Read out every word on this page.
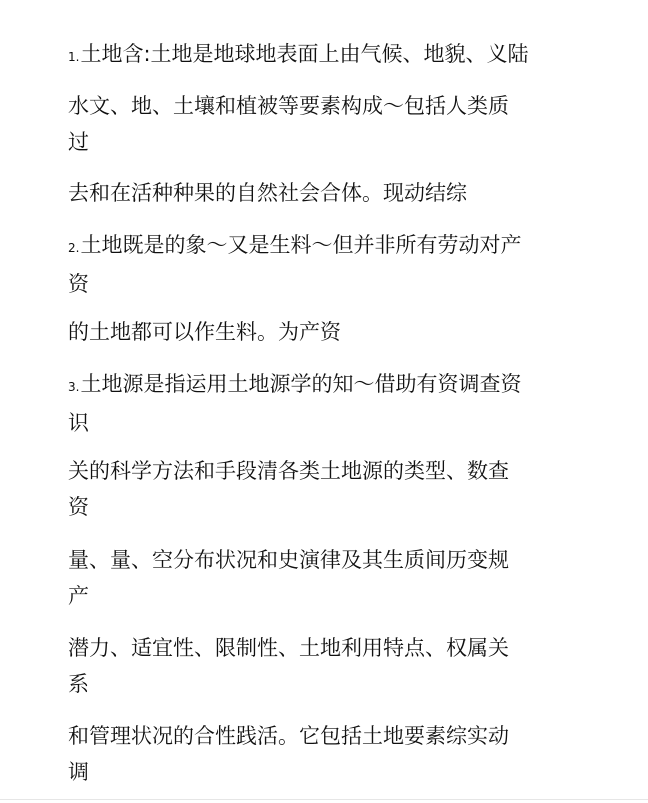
1.土地含:土地是地球地表面上由气候、地貌、义陆
水文、地、土壤和植被等要素构成～包括人类质
过
去和在活种种果的自然社会合体。现动结综
2.土地既是的象～又是生料～但并非所有劳动对产
资
的土地都可以作生料。为产资
3.土地源是指运用土地源学的知～借助有资调查资
识
关的科学方法和手段清各类土地源的类型、数查
资
量、量、空分布状况和史演律及其生质间历变规
产
潜力、适宜性、限制性、土地利用特点、权属关
系
和管理状况的合性践活。它包括土地要素综实动
调
